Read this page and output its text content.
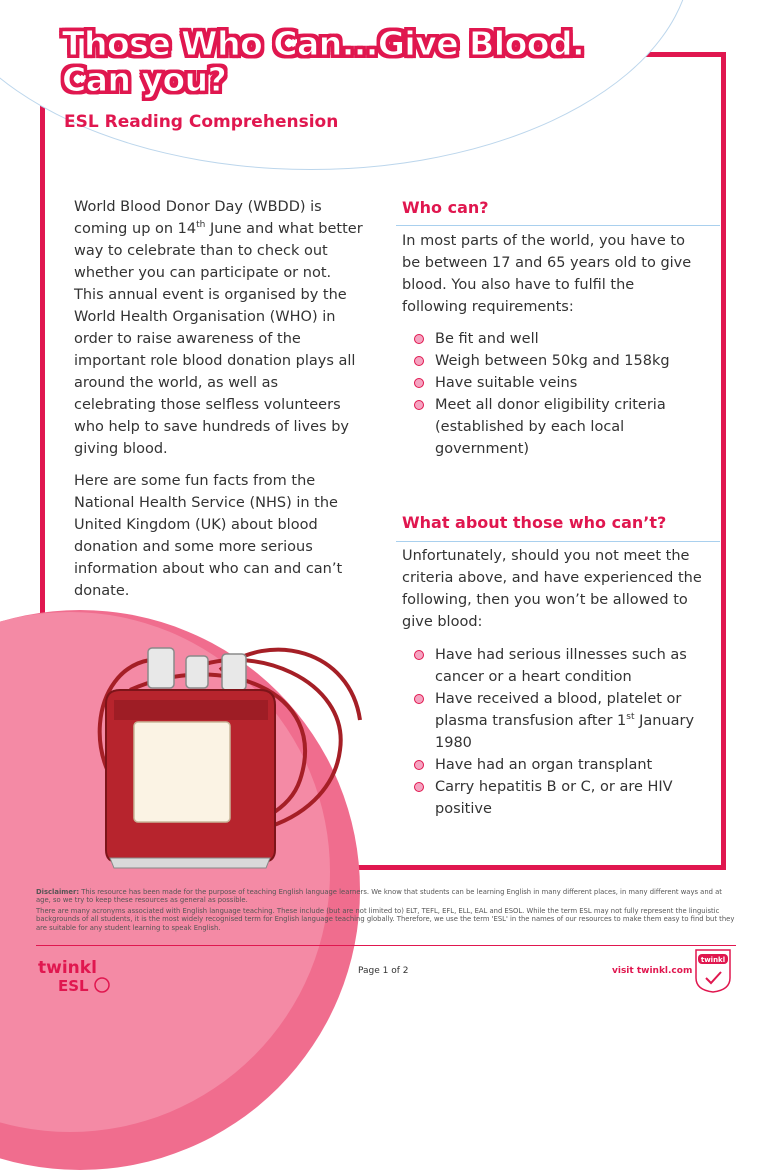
Those Who Can...Give Blood.
Can you?
ESL Reading Comprehension

World Blood Donor Day (WBDD) is coming up on 14th June and what better way to celebrate than to check out whether you can participate or not. This annual event is organised by the World Health Organisation (WHO) in order to raise awareness of the important role blood donation plays all around the world, as well as celebrating those selfless volunteers who help to save hundreds of lives by giving blood.

Here are some fun facts from the National Health Service (NHS) in the United Kingdom (UK) about blood donation and some more serious information about who can and can’t donate.

Who can?
In most parts of the world, you have to be between 17 and 65 years old to give blood. You also have to fulfil the following requirements:
Be fit and well
Weigh between 50kg and 158kg
Have suitable veins
Meet all donor eligibility criteria (established by each local government)
What about those who can’t?
Unfortunately, should you not meet the criteria above, and have experienced the following, then you won’t be allowed to give blood:
Have had serious illnesses such as cancer or a heart condition
Have received a blood, platelet or plasma transfusion after 1st January 1980
Have had an organ transplant
Carry hepatitis B or C, or are HIV positive

Disclaimer: This resource has been made for the purpose of teaching English language learners. We know that students can be learning English in many different places, in many different ways and at age, so we try to keep these resources as general as possible.

There are many acronyms associated with English language teaching. These include (but are not limited to) ELT, TEFL, EFL, ELL, EAL and ESOL. While the term ESL may not fully represent the linguistic backgrounds of all students, it is the most widely recognised term for English language teaching globally. Therefore, we use the term 'ESL' in the names of our resources to make them easy to find but they are suitable for any student learning to speak English.

twinkl
ESL
Page 1 of 2	visit twinkl.com
twinkl
